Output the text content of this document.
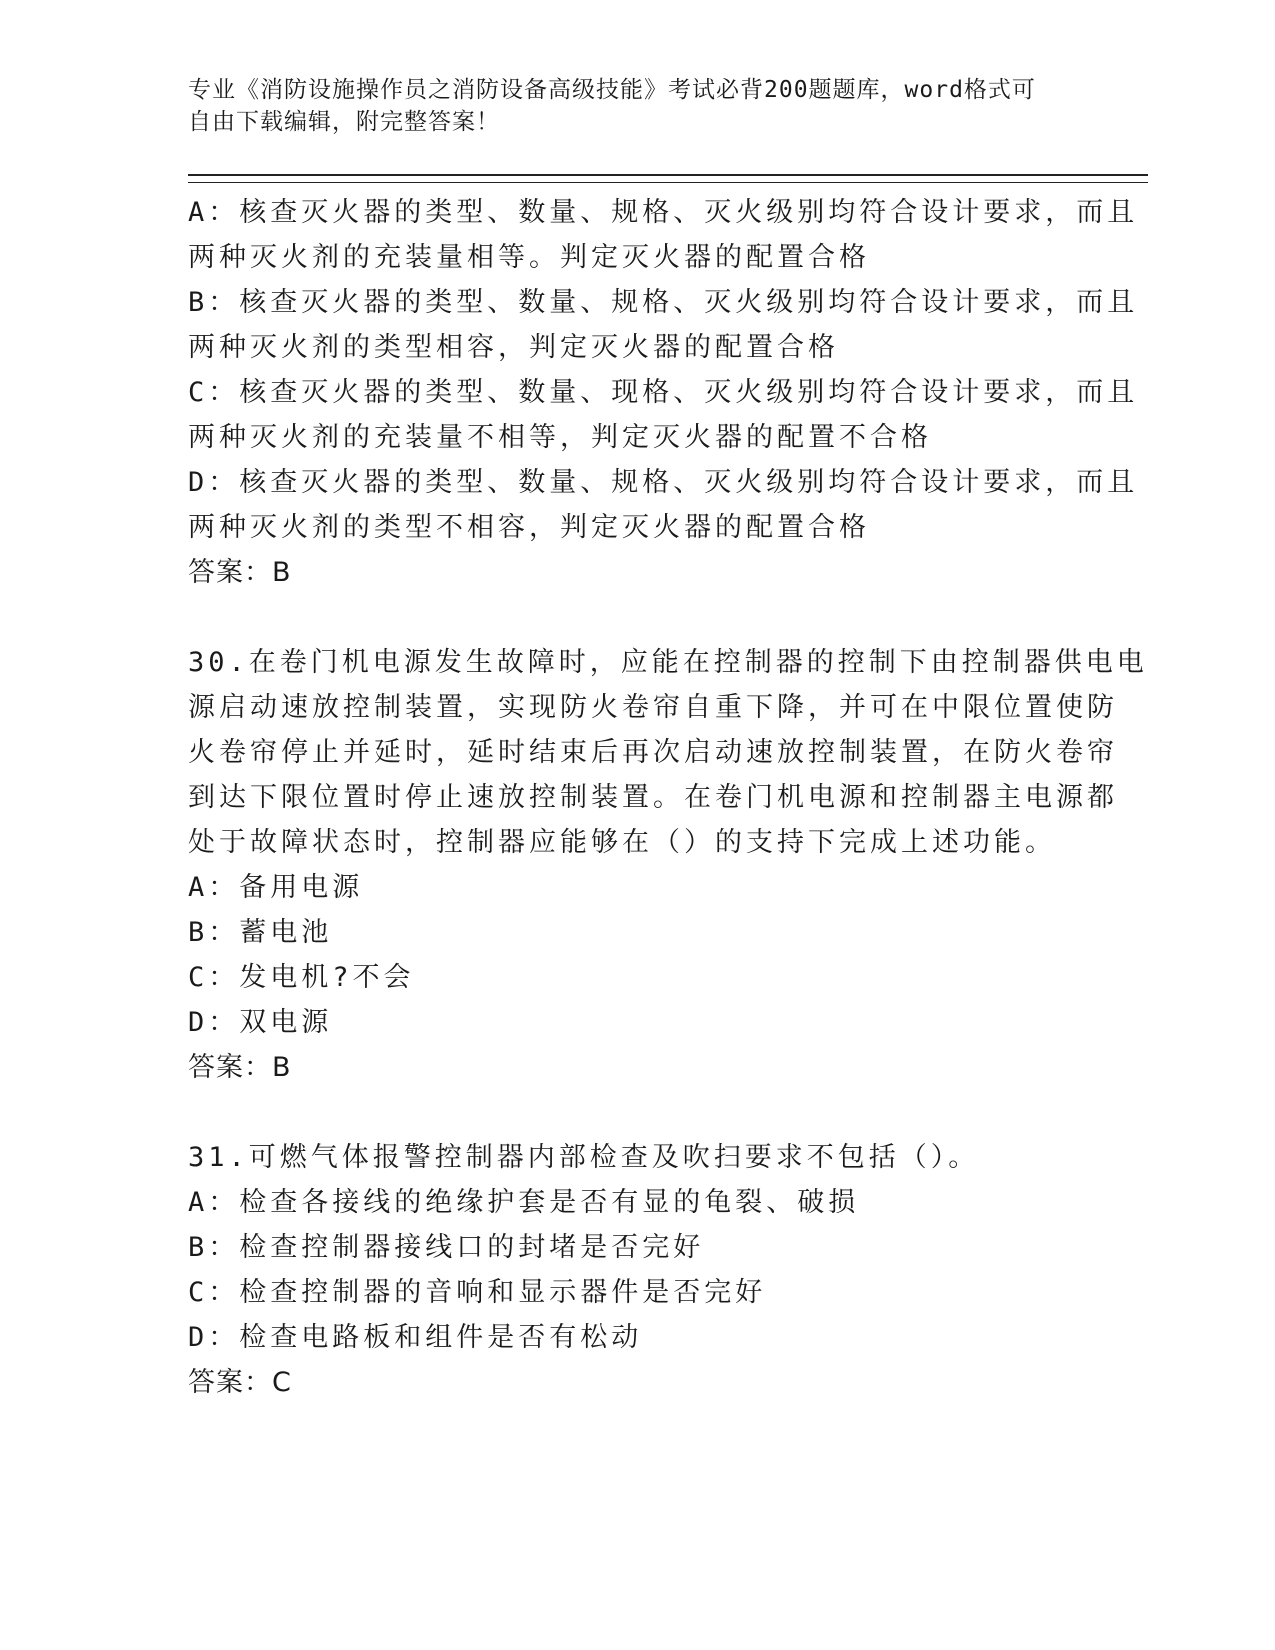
专业《消防设施操作员之消防设备高级技能》考试必背200题题库，word格式可
自由下载编辑，附完整答案！
A：核查灭火器的类型、数量、规格、灭火级别均符合设计要求，而且
两种灭火剂的充装量相等。判定灭火器的配置合格
B：核查灭火器的类型、数量、规格、灭火级别均符合设计要求，而且
两种灭火剂的类型相容，判定灭火器的配置合格
C：核查灭火器的类型、数量、现格、灭火级别均符合设计要求，而且
两种灭火剂的充装量不相等，判定灭火器的配置不合格
D：核查灭火器的类型、数量、规格、灭火级别均符合设计要求，而且
两种灭火剂的类型不相容，判定灭火器的配置合格
答案：B
30.在卷门机电源发生故障时，应能在控制器的控制下由控制器供电电
源启动速放控制装置，实现防火卷帘自重下降，并可在中限位置使防
火卷帘停止并延时，延时结束后再次启动速放控制装置，在防火卷帘
到达下限位置时停止速放控制装置。在卷门机电源和控制器主电源都
处于故障状态时，控制器应能够在（）的支持下完成上述功能。
A：备用电源
B：蓄电池
C：发电机?不会
D：双电源
答案：B
31.可燃气体报警控制器内部检查及吹扫要求不包括（）。
A：检查各接线的绝缘护套是否有显的龟裂、破损
B：检查控制器接线口的封堵是否完好
C：检查控制器的音响和显示器件是否完好
D：检查电路板和组件是否有松动
答案：C
